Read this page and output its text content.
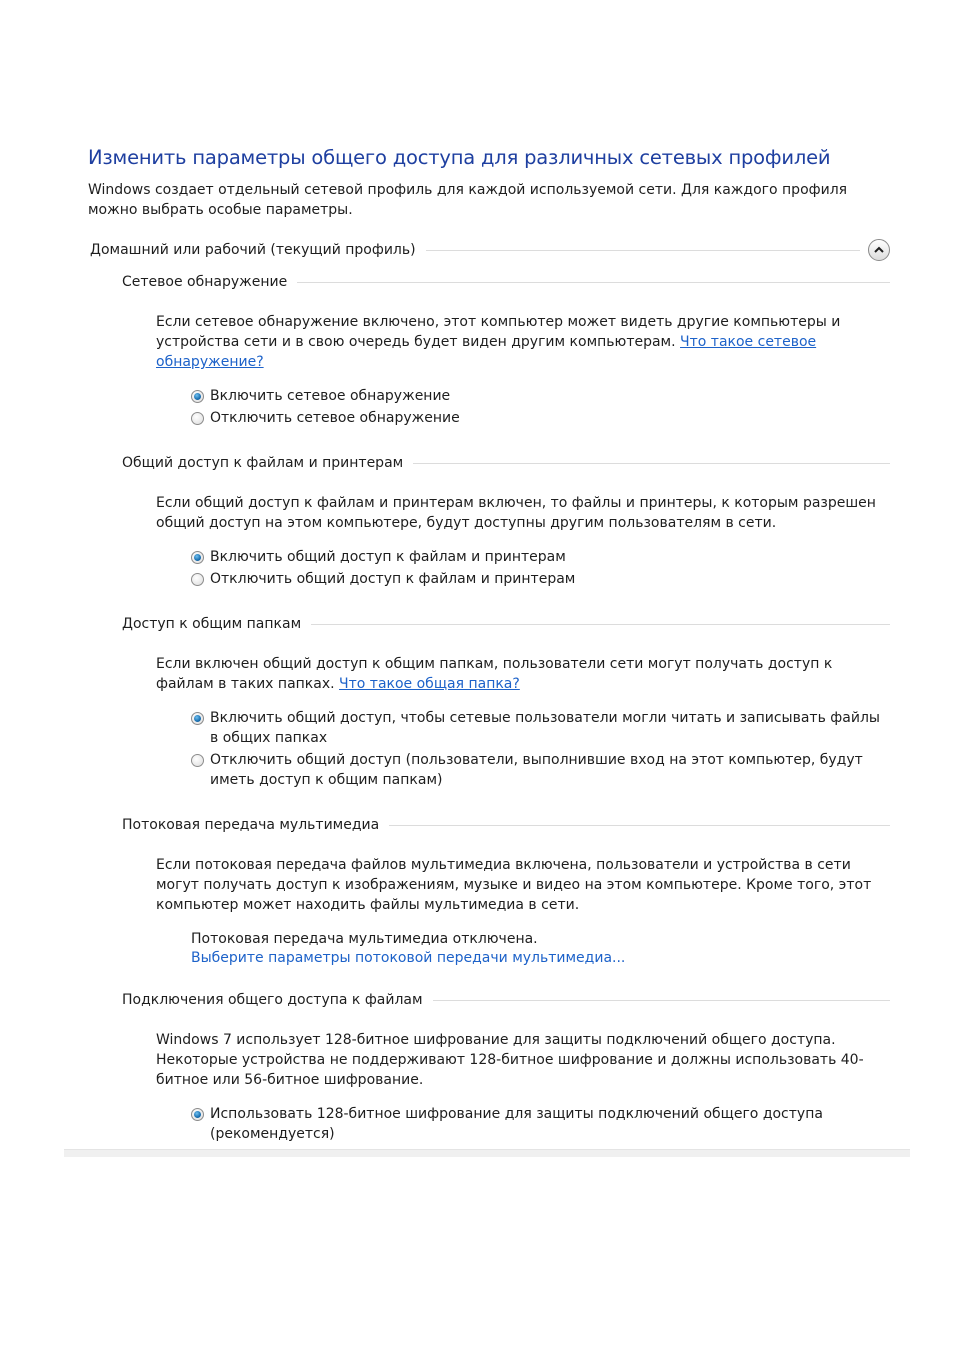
Изменить параметры общего доступа для различных сетевых профилей
Windows создает отдельный сетевой профиль для каждой используемой сети. Для каждого профиля можно выбрать особые параметры.
Домашний или рабочий (текущий профиль)
Сетевое обнаружение
Если сетевое обнаружение включено, этот компьютер может видеть другие компьютеры и устройства сети и в свою очередь будет виден другим компьютерам. Что такое сетевое обнаружение?
Включить сетевое обнаружение
Отключить сетевое обнаружение
Общий доступ к файлам и принтерам
Если общий доступ к файлам и принтерам включен, то файлы и принтеры, к которым разрешен общий доступ на этом компьютере, будут доступны другим пользователям в сети.
Включить общий доступ к файлам и принтерам
Отключить общий доступ к файлам и принтерам
Доступ к общим папкам
Если включен общий доступ к общим папкам, пользователи сети могут получать доступ к файлам в таких папках. Что такое общая папка?
Включить общий доступ, чтобы сетевые пользователи могли читать и записывать файлы в общих папках
Отключить общий доступ (пользователи, выполнившие вход на этот компьютер, будут иметь доступ к общим папкам)
Потоковая передача мультимедиа
Если потоковая передача файлов мультимедиа включена, пользователи и устройства в сети могут получать доступ к изображениям, музыке и видео на этом компьютере. Кроме того, этот компьютер может находить файлы мультимедиа в сети.
Потоковая передача мультимедиа отключена.
Выберите параметры потоковой передачи мультимедиа...
Подключения общего доступа к файлам
Windows 7 использует 128-битное шифрование для защиты подключений общего доступа. Некоторые устройства не поддерживают 128-битное шифрование и должны использовать 40-битное или 56-битное шифрование.
Использовать 128-битное шифрование для защиты подключений общего доступа (рекомендуется)
